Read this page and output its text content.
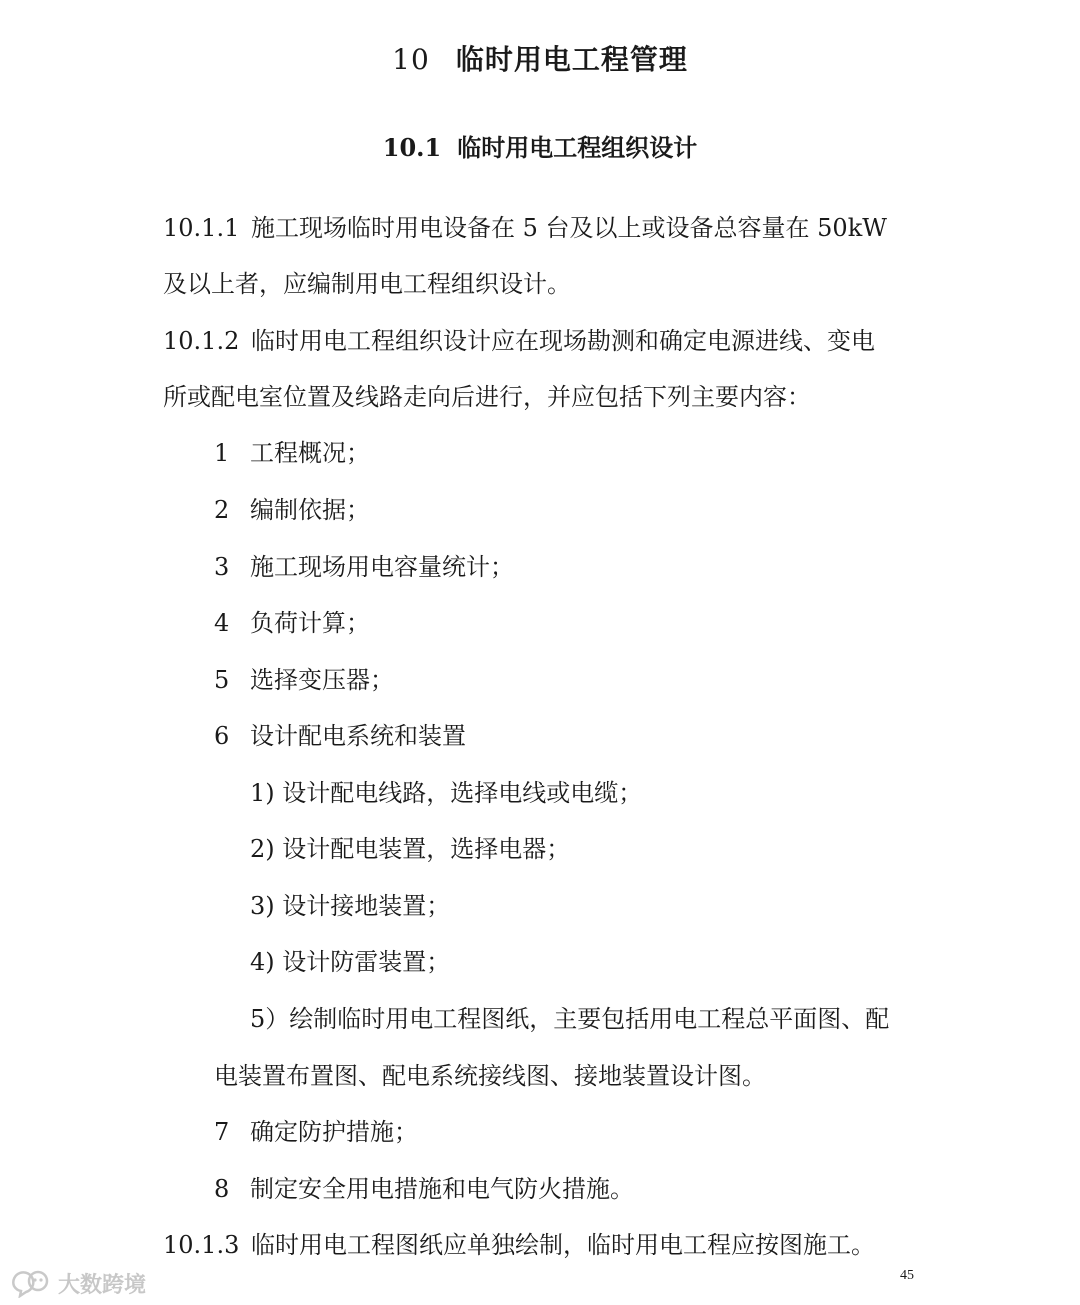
10 临时用电工程管理
10.1 临时用电工程组织设计
10.1.1 施工现场临时用电设备在 5 台及以上或设备总容量在 50kW
及以上者，应编制用电工程组织设计。
10.1.2 临时用电工程组织设计应在现场勘测和确定电源进线、变电
所或配电室位置及线路走向后进行，并应包括下列主要内容：
1 工程概况；
2 编制依据；
3 施工现场用电容量统计；
4 负荷计算；
5 选择变压器；
6 设计配电系统和装置
1) 设计配电线路，选择电线或电缆；
2) 设计配电装置，选择电器；
3) 设计接地装置；
4) 设计防雷装置；
5）绘制临时用电工程图纸，主要包括用电工程总平面图、配
电装置布置图、配电系统接线图、接地装置设计图。
7 确定防护措施；
8 制定安全用电措施和电气防火措施。
10.1.3 临时用电工程图纸应单独绘制，临时用电工程应按图施工。
大数跨境	45
